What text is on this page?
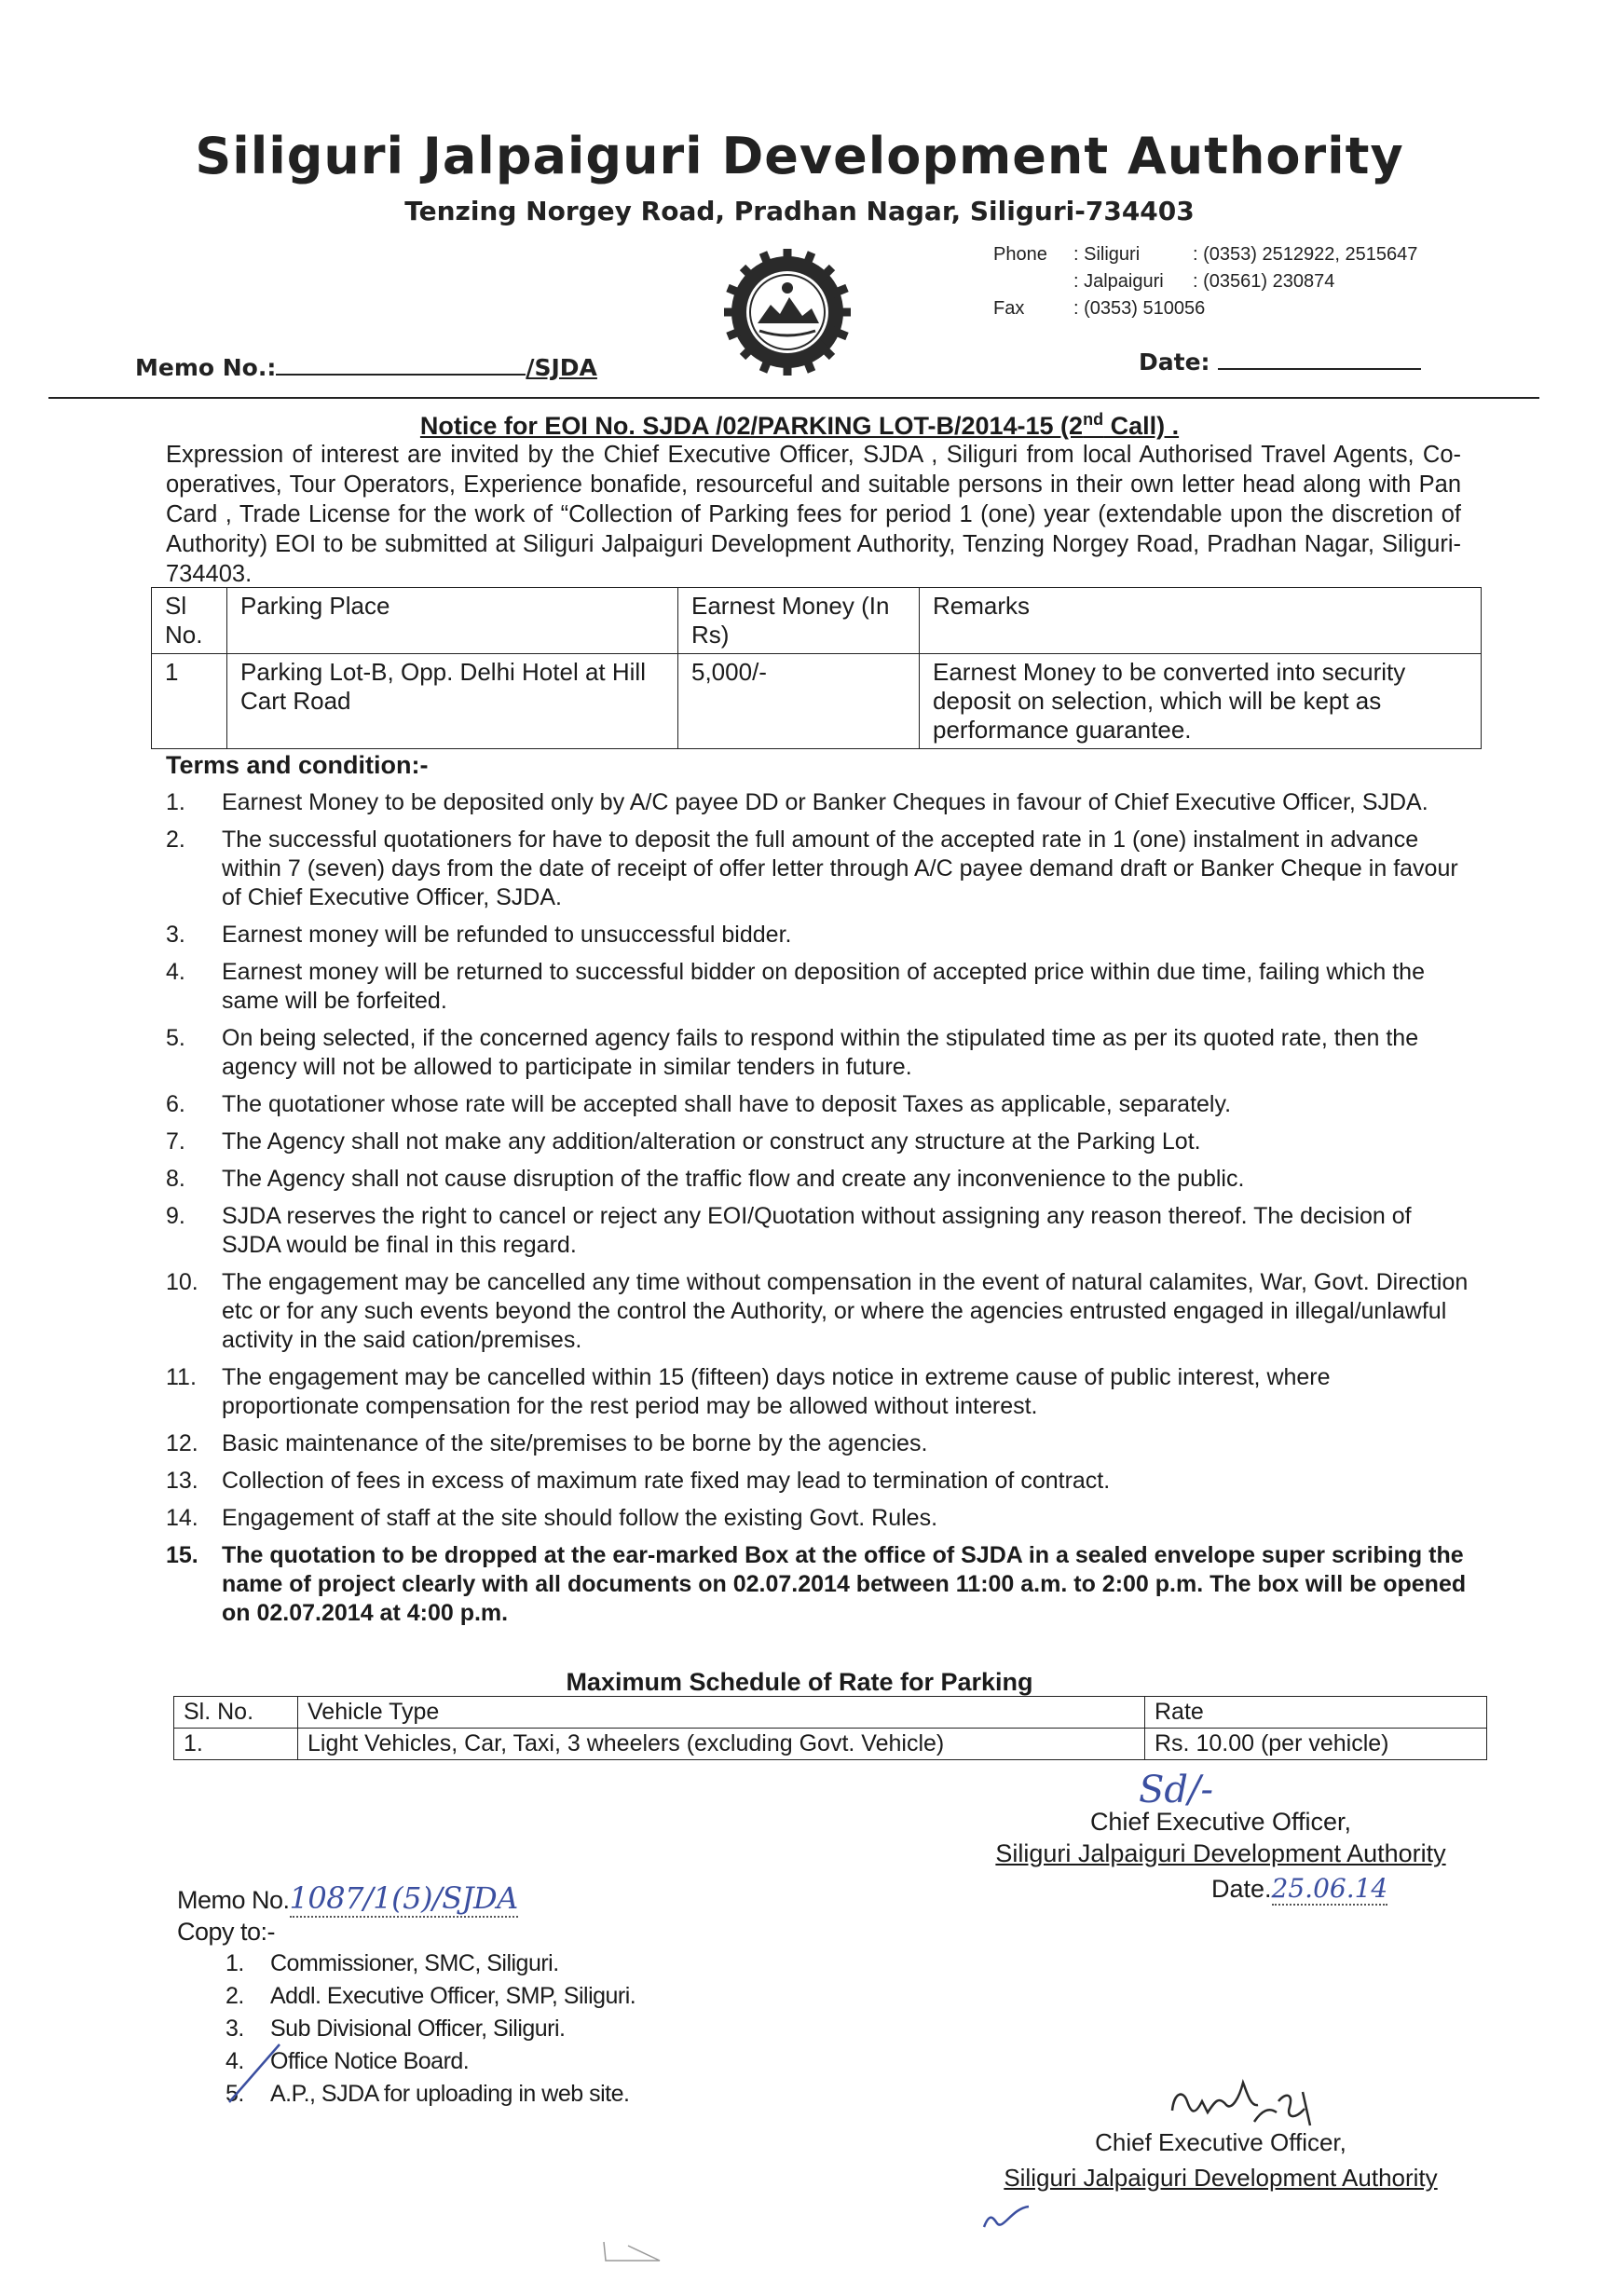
Siliguri Jalpaiguri Development Authority
Tenzing Norgey Road, Pradhan Nagar, Siliguri-734403
Phone	: Siliguri	: (0353) 2512922, 2515647
	: Jalpaiguri	: (03561) 230874
Fax	: (0353) 510056	
Memo No.:	/SJDA	Date:
Notice for EOI No. SJDA /02/PARKING LOT-B/2014-15 (2nd Call) .
Expression of interest are invited by the Chief Executive Officer, SJDA , Siliguri from local Authorised Travel Agents, Co-operatives, Tour Operators, Experience bonafide, resourceful and suitable persons in their own letter head along with Pan Card , Trade License for the work of “Collection of Parking fees for period 1 (one) year (extendable upon the discretion of Authority) EOI to be submitted at Siliguri Jalpaiguri Development Authority, Tenzing Norgey Road, Pradhan Nagar, Siliguri-734403.
Sl No.	Parking Place	Earnest Money (In Rs)	Remarks
1	Parking Lot-B, Opp. Delhi Hotel at Hill Cart Road	5,000/-	Earnest Money to be converted into security deposit on selection, which will be kept as performance guarantee.
Terms and condition:-
1. Earnest Money to be deposited only by A/C payee DD or Banker Cheques in favour of Chief Executive Officer, SJDA.
2. The successful quotationers for have to deposit the full amount of the accepted rate in 1 (one) instalment in advance within 7 (seven) days from the date of receipt of offer letter through A/C payee demand draft or Banker Cheque in favour of Chief Executive Officer, SJDA.
3. Earnest money will be refunded to unsuccessful bidder.
4. Earnest money will be returned to successful bidder on deposition of accepted price within due time, failing which the same will be forfeited.
5. On being selected, if the concerned agency fails to respond within the stipulated time as per its quoted rate, then the agency will not be allowed to participate in similar tenders in future.
6. The quotationer whose rate will be accepted shall have to deposit Taxes as applicable, separately.
7. The Agency shall not make any addition/alteration or construct any structure at the Parking Lot.
8. The Agency shall not cause disruption of the traffic flow and create any inconvenience to the public.
9. SJDA reserves the right to cancel or reject any EOI/Quotation without assigning any reason thereof. The decision of SJDA would be final in this regard.
10. The engagement may be cancelled any time without compensation in the event of natural calamites, War, Govt. Direction etc or for any such events beyond the control the Authority, or where the agencies entrusted engaged in illegal/unlawful activity in the said cation/premises.
11. The engagement may be cancelled within 15 (fifteen) days notice in extreme cause of public interest, where proportionate compensation for the rest period may be allowed without interest.
12. Basic maintenance of the site/premises to be borne by the agencies.
13. Collection of fees in excess of maximum rate fixed may lead to termination of contract.
14. Engagement of staff at the site should follow the existing Govt. Rules.
15. The quotation to be dropped at the ear-marked Box at the office of SJDA in a sealed envelope super scribing the name of project clearly with all documents on 02.07.2014 between 11:00 a.m. to 2:00 p.m. The box will be opened on 02.07.2014 at 4:00 p.m.
Maximum Schedule of Rate for Parking
Sl. No.	Vehicle Type	Rate
1.	Light Vehicles, Car, Taxi, 3 wheelers (excluding Govt. Vehicle)	Rs. 10.00 (per vehicle)
Sd/-
Chief Executive Officer,
Siliguri Jalpaiguri Development Authority
Date.25.06.14
Memo No.1087/1(5)/SJDA
Copy to:-
1. Commissioner, SMC, Siliguri.
2. Addl. Executive Officer, SMP, Siliguri.
3. Sub Divisional Officer, Siliguri.
4. Office Notice Board.
5. A.P., SJDA for uploading in web site.
Chief Executive Officer,
Siliguri Jalpaiguri Development Authority
